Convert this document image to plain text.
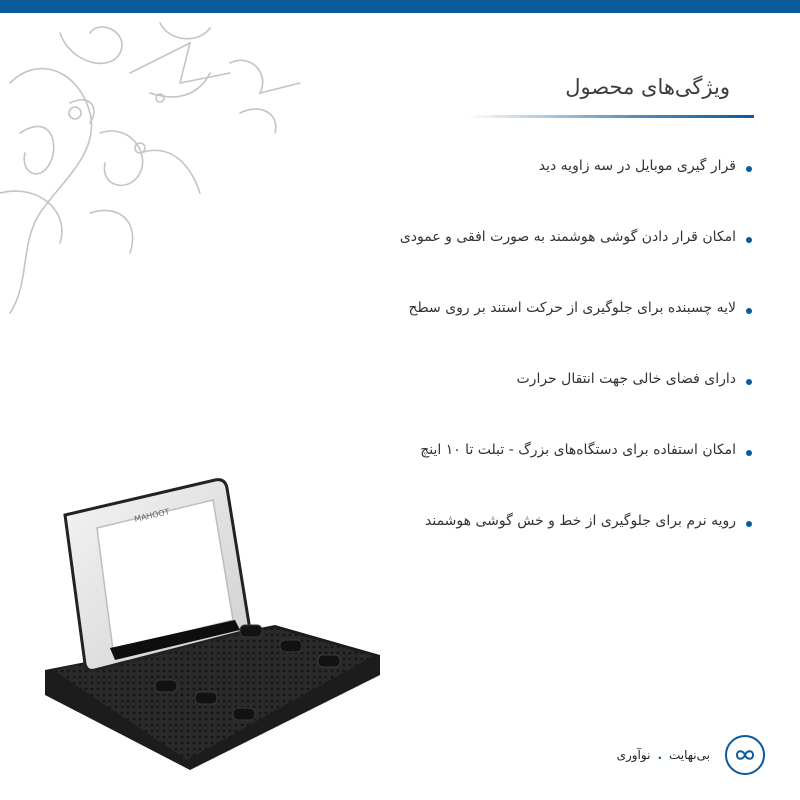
ویژگی‌های محصول
قرار گیری موبایل در سه زاویه دید
امکان قرار دادن گوشی هوشمند به صورت افقی و عمودی
لایه چسبنده برای جلوگیری از حرکت استند بر روی سطح
دارای فضای خالی جهت انتقال حرارت
امکان استفاده برای دستگاه‌های بزرگ - تبلت تا ۱۰ اینچ
رویه نرم برای جلوگیری از خط و خش گوشی هوشمند
MAHOOT
بی‌نهایت.نوآوری
